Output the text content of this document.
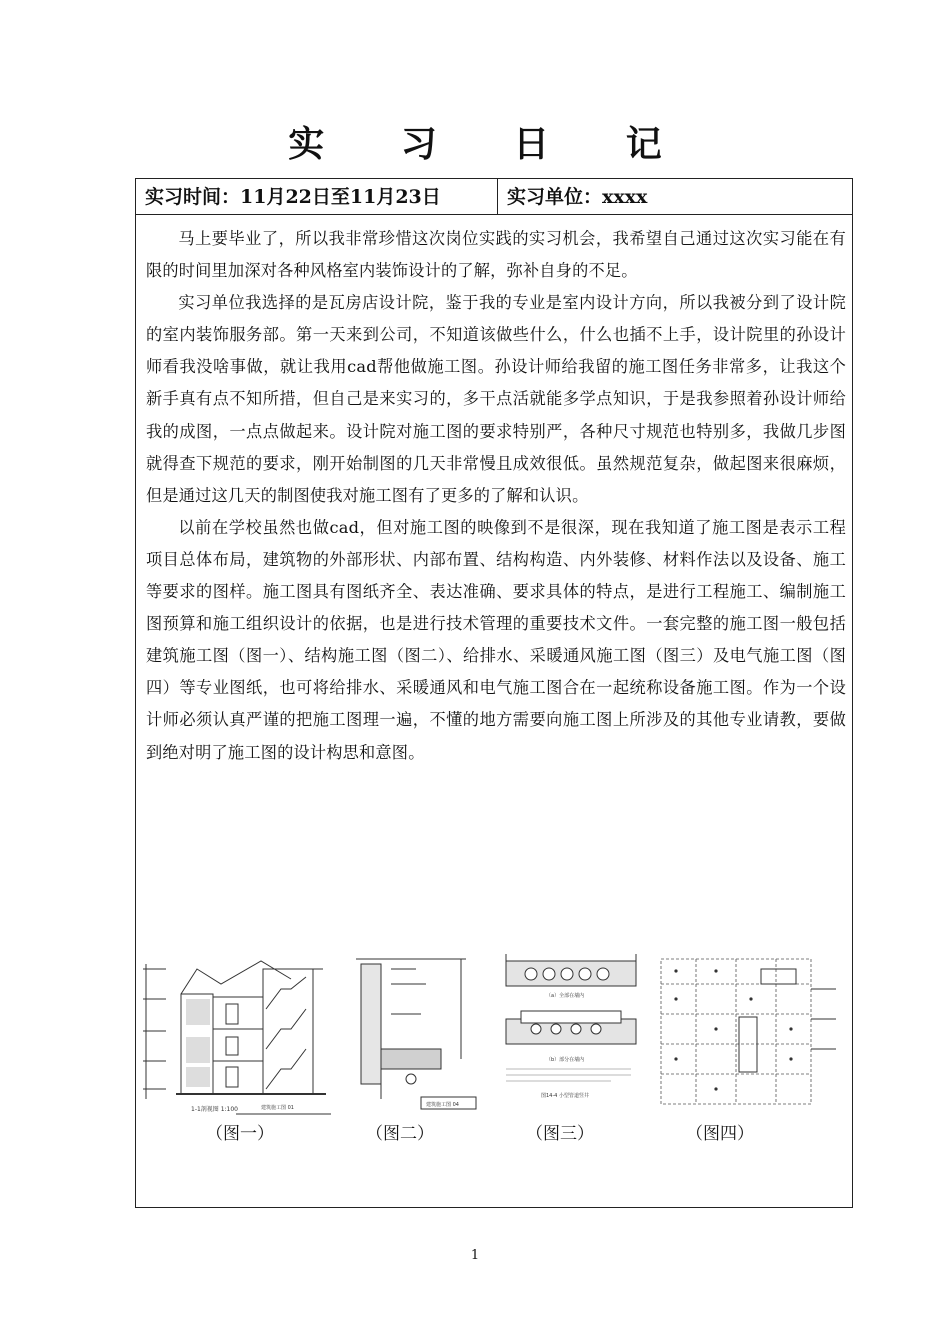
实 习 日 记
实习时间：11月22日至11月23日	实习单位：xxxx

马上要毕业了，所以我非常珍惜这次岗位实践的实习机会，我希望自己通过这次实习能在有限的时间里加深对各种风格室内装饰设计的了解，弥补自身的不足。

实习单位我选择的是瓦房店设计院，鉴于我的专业是室内设计方向，所以我被分到了设计院的室内装饰服务部。第一天来到公司，不知道该做些什么，什么也插不上手，设计院里的孙设计师看我没啥事做，就让我用cad帮他做施工图。孙设计师给我留的施工图任务非常多，让我这个新手真有点不知所措，但自己是来实习的，多干点活就能多学点知识，于是我参照着孙设计师给我的成图，一点点做起来。设计院对施工图的要求特别严，各种尺寸规范也特别多，我做几步图就得查下规范的要求，刚开始制图的几天非常慢且成效很低。虽然规范复杂，做起图来很麻烦，但是通过这几天的制图使我对施工图有了更多的了解和认识。

以前在学校虽然也做cad，但对施工图的映像到不是很深，现在我知道了施工图是表示工程项目总体布局，建筑物的外部形状、内部布置、结构构造、内外装修、材料作法以及设备、施工等要求的图样。施工图具有图纸齐全、表达准确、要求具体的特点，是进行工程施工、编制施工图预算和施工组织设计的依据，也是进行技术管理的重要技术文件。一套完整的施工图一般包括建筑施工图（图一）、结构施工图（图二）、给排水、采暖通风施工图（图三）及电气施工图（图四）等专业图纸，也可将给排水、采暖通风和电气施工图合在一起统称设备施工图。作为一个设计师必须认真严谨的把施工图理一遍，不懂的地方需要向施工图上所涉及的其他专业请教，要做到绝对明了施工图的设计构思和意图。

1-1剖视图 1:100	建筑施工图 01	建筑施工图 04
（a）全部在墙内
（b）部分在墙内
图14-4 小型管道竖井
（图一）	（图二）	（图三）	（图四）
1
